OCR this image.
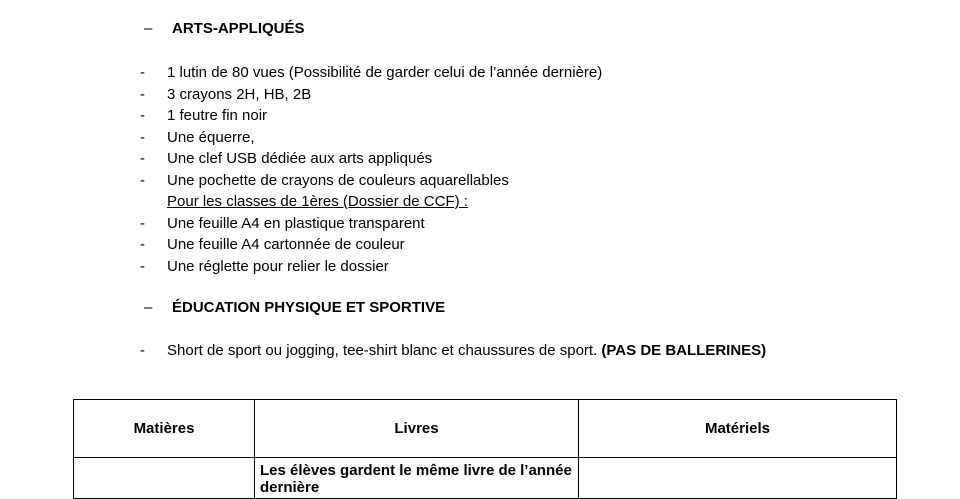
– ARTS-APPLIQUÉS
- 1 lutin de 80 vues (Possibilité de garder celui de l’année dernière)
- 3 crayons 2H, HB, 2B
- 1 feutre fin noir
- Une équerre,
- Une clef USB dédiée aux arts appliqués
- Une pochette de crayons de couleurs aquarellables
Pour les classes de 1ères (Dossier de CCF) :
- Une feuille A4 en plastique transparent
- Une feuille A4 cartonnée de couleur
- Une réglette pour relier le dossier
– ÉDUCATION PHYSIQUE ET SPORTIVE
- Short de sport ou jogging, tee-shirt blanc et chaussures de sport. (PAS DE BALLERINES)
Matières	Livres	Matériels

	Les élèves gardent le même livre de l’année dernière	
